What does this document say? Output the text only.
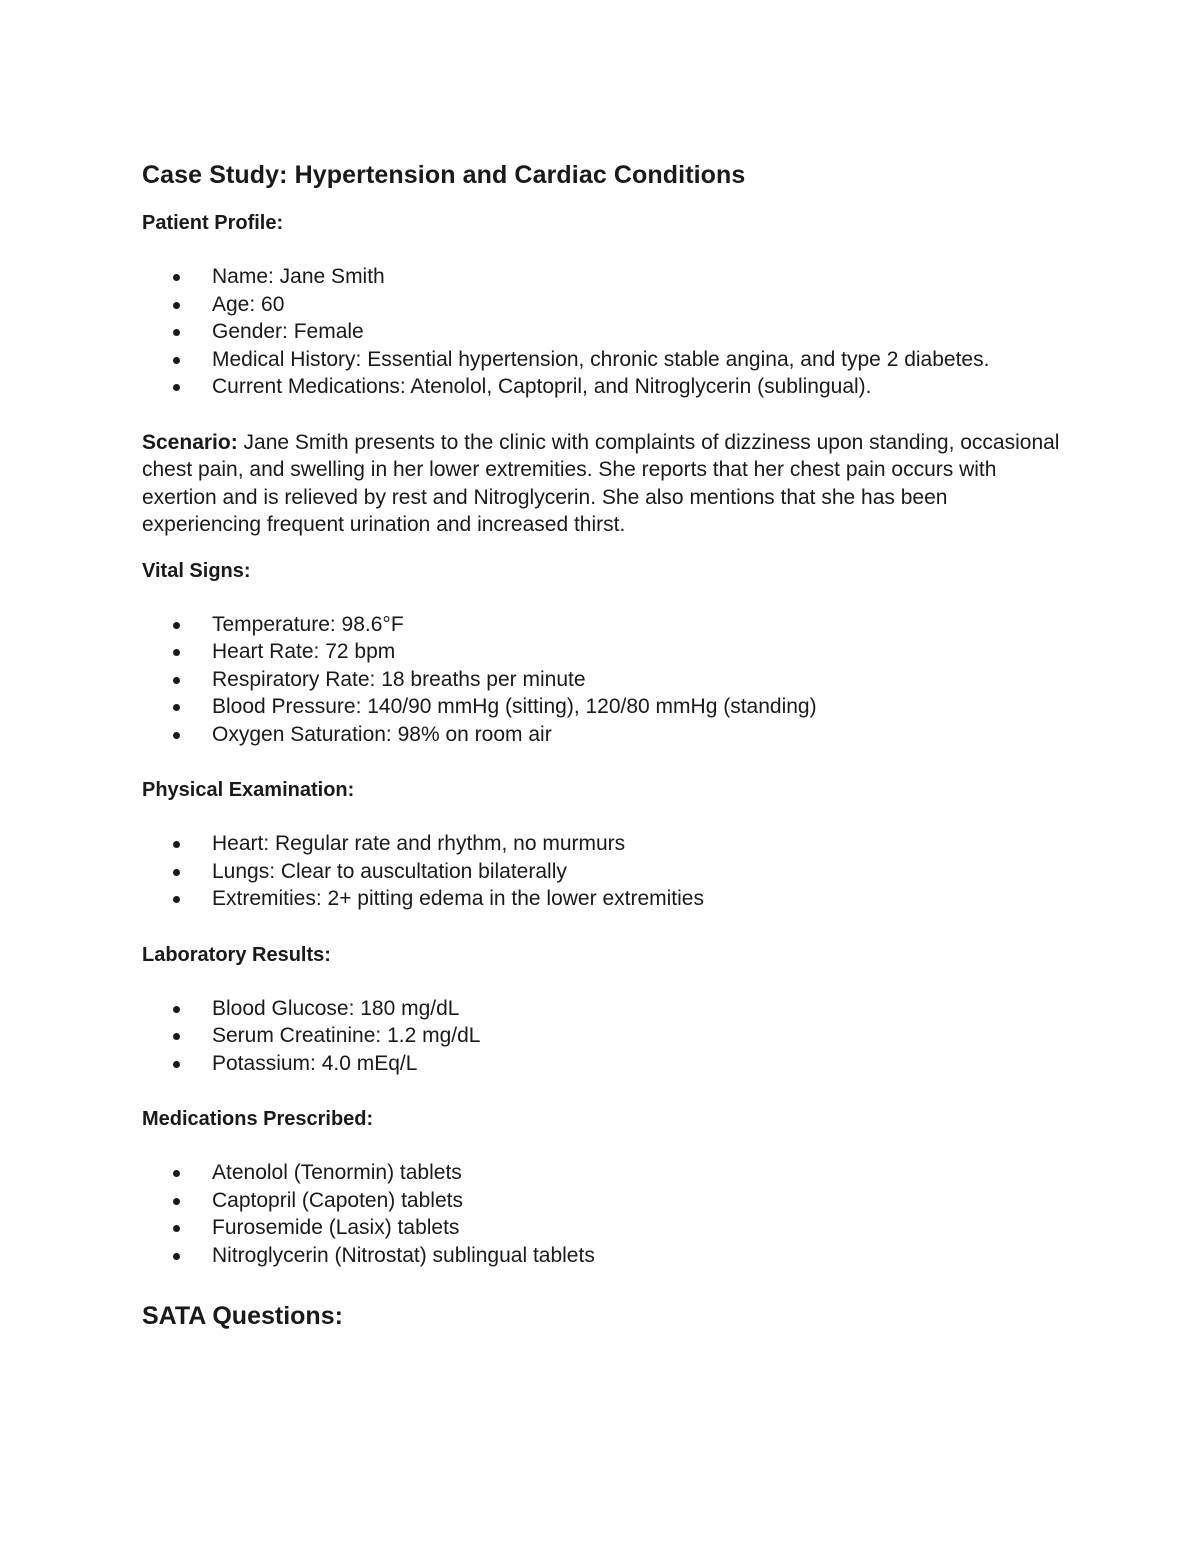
Case Study: Hypertension and Cardiac Conditions
Patient Profile:
Name: Jane Smith
Age: 60
Gender: Female
Medical History: Essential hypertension, chronic stable angina, and type 2 diabetes.
Current Medications: Atenolol, Captopril, and Nitroglycerin (sublingual).

Scenario: Jane Smith presents to the clinic with complaints of dizziness upon standing, occasional chest pain, and swelling in her lower extremities. She reports that her chest pain occurs with exertion and is relieved by rest and Nitroglycerin. She also mentions that she has been experiencing frequent urination and increased thirst.

Vital Signs:
Temperature: 98.6°F
Heart Rate: 72 bpm
Respiratory Rate: 18 breaths per minute
Blood Pressure: 140/90 mmHg (sitting), 120/80 mmHg (standing)
Oxygen Saturation: 98% on room air
Physical Examination:
Heart: Regular rate and rhythm, no murmurs
Lungs: Clear to auscultation bilaterally
Extremities: 2+ pitting edema in the lower extremities
Laboratory Results:
Blood Glucose: 180 mg/dL
Serum Creatinine: 1.2 mg/dL
Potassium: 4.0 mEq/L
Medications Prescribed:
Atenolol (Tenormin) tablets
Captopril (Capoten) tablets
Furosemide (Lasix) tablets
Nitroglycerin (Nitrostat) sublingual tablets
SATA Questions:
